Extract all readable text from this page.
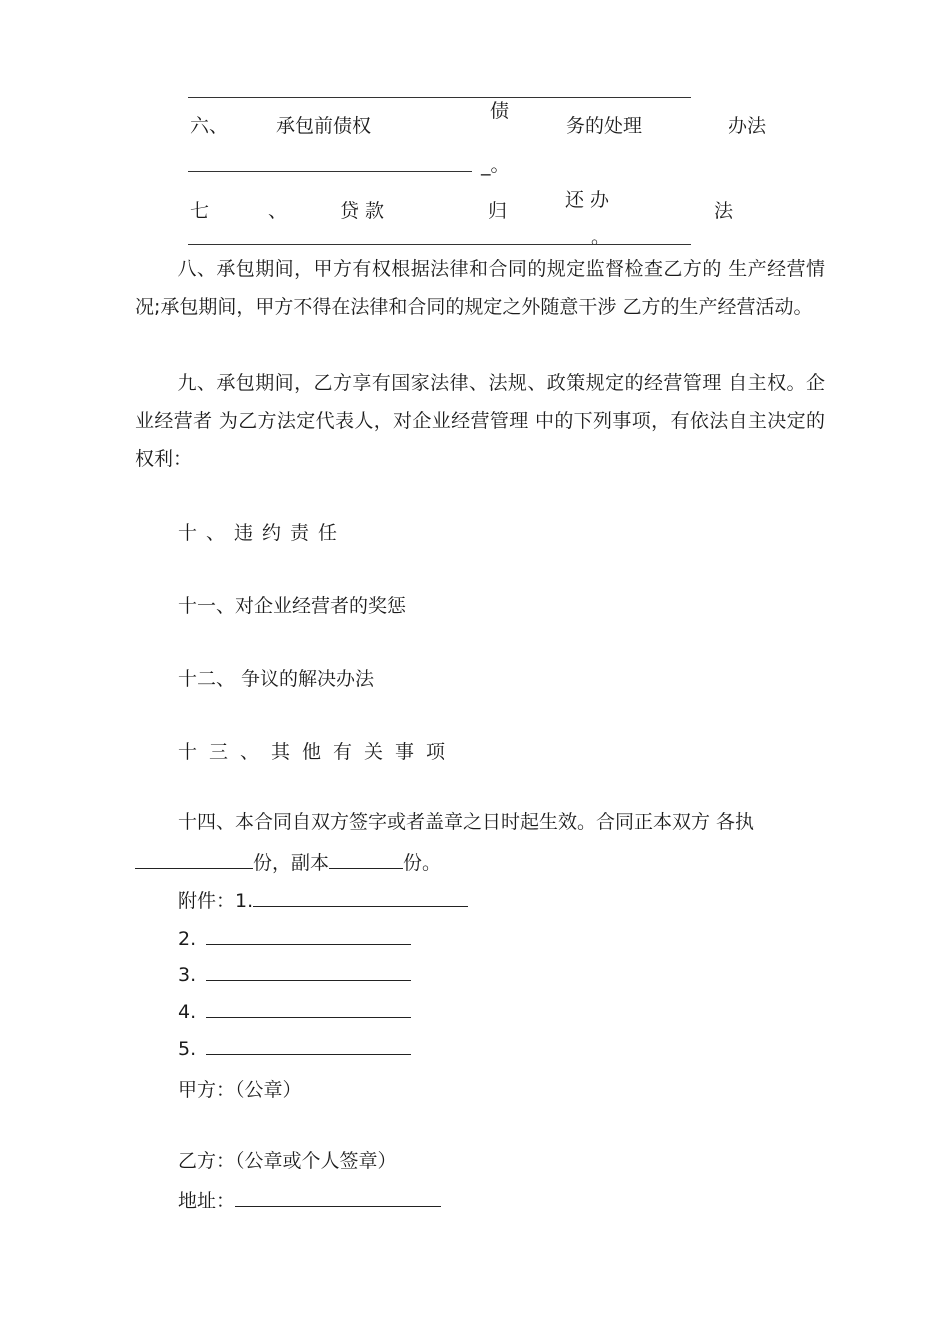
六、	承包前债权
债
务的处理	办法
_。
七	、	贷款	归	还办	法
。
八、承包期间，甲方有权根据法律和合同的规定监督检查乙方的 生产经营情况;承包期间，甲方不得在法律和合同的规定之外随意干涉 乙方的生产经营活动。
九、承包期间，乙方享有国家法律、法规、政策规定的经营管理 自主权。企业经营者 为乙方法定代表人，对企业经营管理 中的下列事项，有依法自主决定的权利：
十、违约责任
十一、对企业经营者的奖惩
十二、 争议的解决办法
十三、其他有关事项
十四、本合同自双方签字或者盖章之日时起生效。合同正本双方 各执
份，副本	份。
附件：1.
2.
3.
4.
5.
甲方：（公章）
乙方：（公章或个人签章）
地址：
